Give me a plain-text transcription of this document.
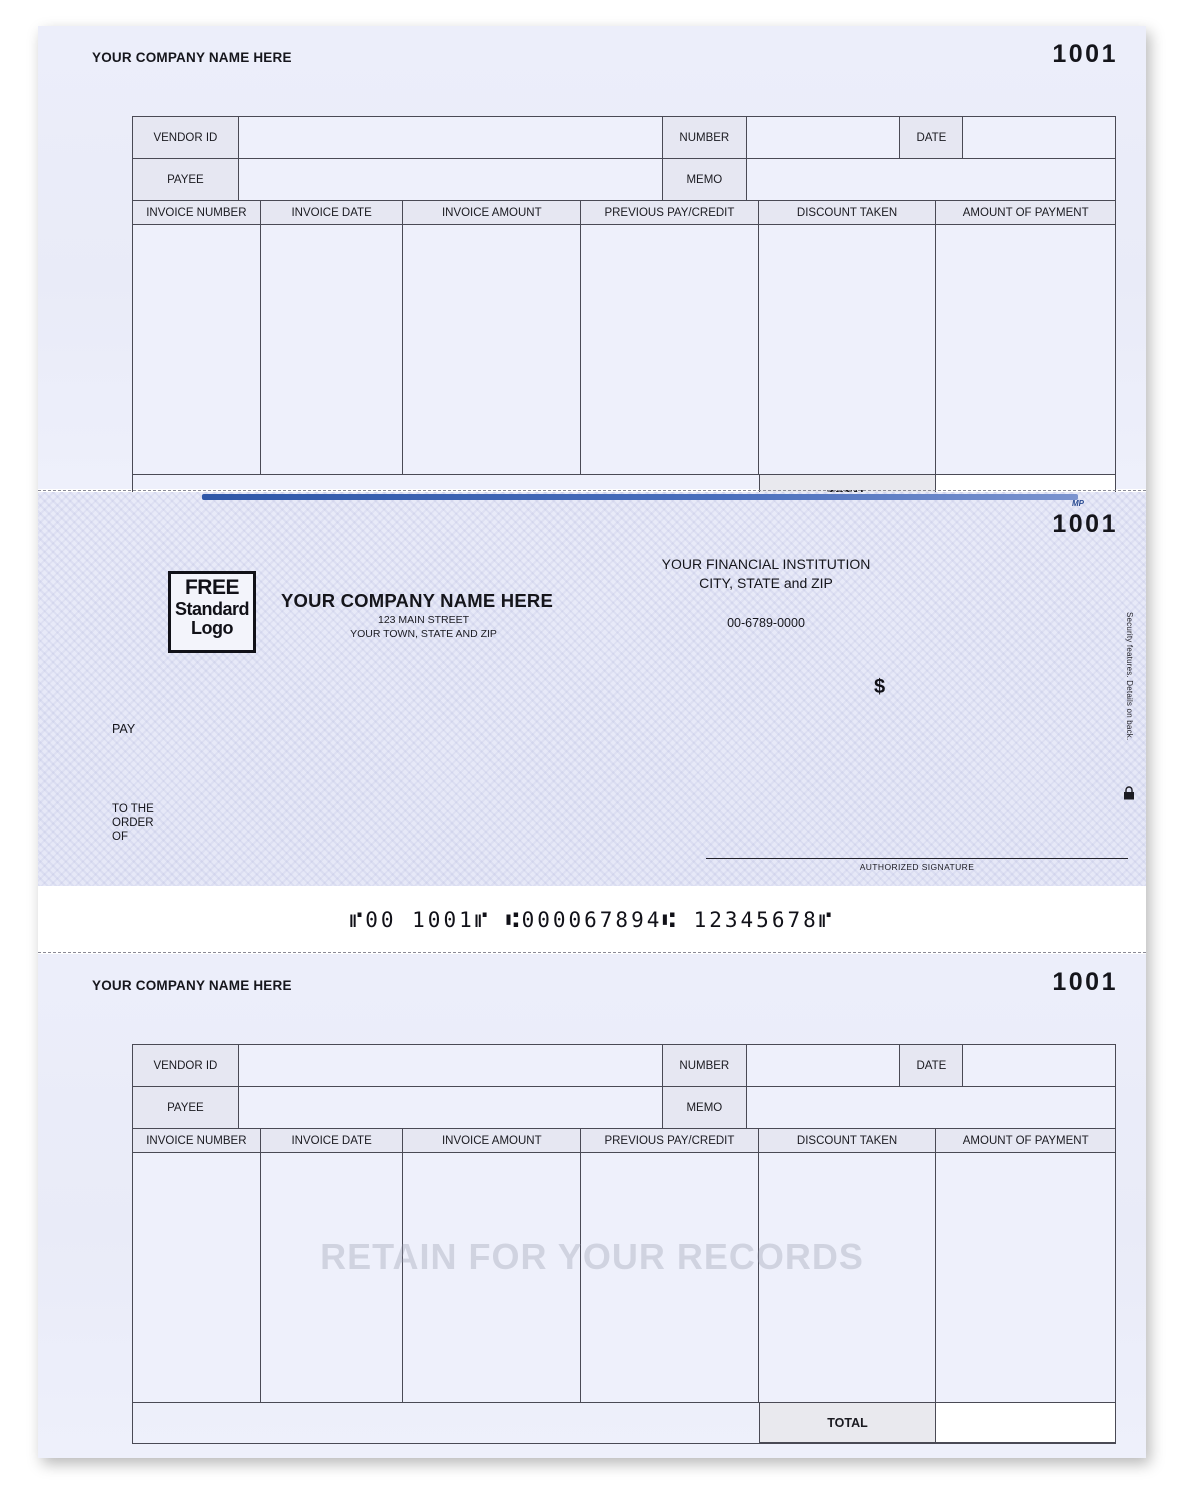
YOUR COMPANY NAME HERE	1001
VENDOR ID	NUMBER	DATE
PAYEE	MEMO
INVOICE NUMBER	INVOICE DATE	INVOICE AMOUNT	PREVIOUS PAY/CREDIT	DISCOUNT TAKEN	AMOUNT OF PAYMENT
MP
1001
FREE
Standard
Logo
YOUR COMPANY NAME HERE
123 MAIN STREET
YOUR TOWN, STATE AND ZIP
YOUR FINANCIAL INSTITUTION
CITY, STATE and ZIP
00-6789-0000
$
PAY
TO THE
ORDER
OF
AUTHORIZED SIGNATURE
Security features. Details on back.
⑈00 1001⑈ ⑆000067894⑆ 12345678⑈
YOUR COMPANY NAME HERE	1001
VENDOR ID	NUMBER	DATE
PAYEE	MEMO
INVOICE NUMBER	INVOICE DATE	INVOICE AMOUNT	PREVIOUS PAY/CREDIT	DISCOUNT TAKEN	AMOUNT OF PAYMENT
TOTAL
RETAIN FOR YOUR RECORDS
